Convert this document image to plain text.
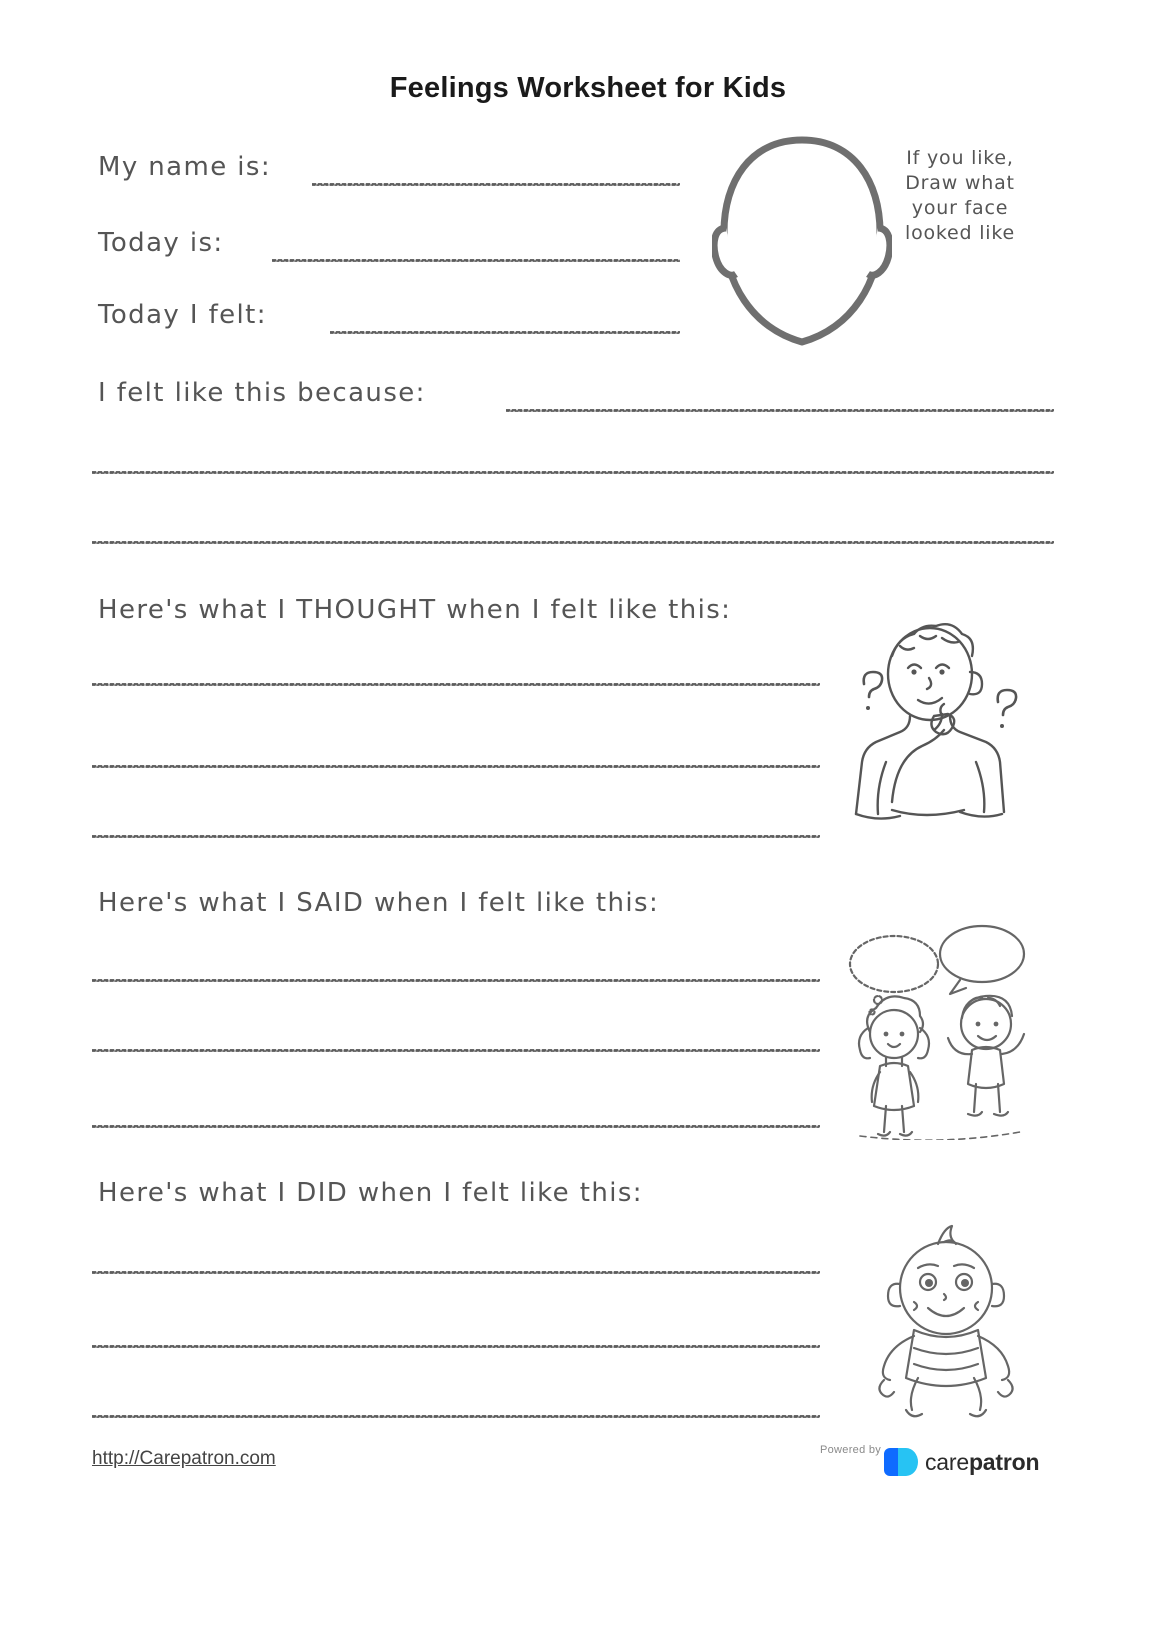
Feelings Worksheet for Kids
My name is:
Today is:
Today I felt:
If you like,
Draw what
your face
looked like
I felt like this because:
Here's what I THOUGHT when I felt like this:
Here's what I SAID when I felt like this:
Here's what I DID when I felt like this:
http://Carepatron.com	Powered by carepatron
